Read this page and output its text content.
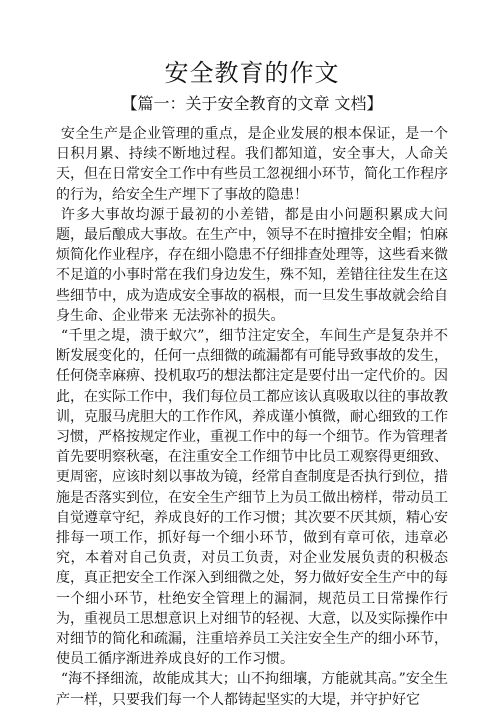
安全教育的作文
【篇一：关于安全教育的文章 文档】

安全生产是企业管理的重点，是企业发展的根本保证，是一个日积月累、持续不断地过程。我们都知道，安全事大，人命关天，但在日常安全工作中有些员工忽视细小环节，简化工作程序的行为，给安全生产埋下了事故的隐患！

许多大事故均源于最初的小差错，都是由小问题积累成大问题，最后酿成大事故。在生产中，领导不在时擅排安全帽；怕麻烦简化作业程序，存在细小隐患不仔细排查处理等，这些看来微不足道的小事时常在我们身边发生，殊不知，差错往往发生在这些细节中，成为造成安全事故的祸根，而一旦发生事故就会给自身生命、企业带来 无法弥补的损失。

“千里之堤，溃于蚁穴”，细节注定安全，车间生产是复杂并不断发展变化的，任何一点细微的疏漏都有可能导致事故的发生，任何侥幸麻痹、投机取巧的想法都注定是要付出一定代价的。因此，在实际工作中，我们每位员工都应该认真吸取以往的事故教训，克服马虎胆大的工作作风，养成谨小慎微，耐心细致的工作习惯，严格按规定作业，重视工作中的每一个细节。作为管理者首先要明察秋毫，在注重安全工作细节中比员工观察得更细致、更周密，应该时刻以事故为镜，经常自查制度是否执行到位，措施是否落实到位，在安全生产细节上为员工做出榜样，带动员工自觉遵章守纪，养成良好的工作习惯；其次要不厌其烦，精心安排每一项工作，抓好每一个细小环节，做到有章可依，违章必究，本着对自己负责，对员工负责，对企业发展负责的积极态度，真正把安全工作深入到细微之处，努力做好安全生产中的每一个细小环节，杜绝安全管理上的漏洞，规范员工日常操作行为，重视员工思想意识上对细节的轻视、大意，以及实际操作中对细节的简化和疏漏，注重培养员工关注安全生产的细小环节，使员工循序渐进养成良好的工作习惯。

“海不择细流，故能成其大；山不拘细壤，方能就其高。”安全生产一样，只要我们每一个人都铸起坚实的大堤，并守护好它
